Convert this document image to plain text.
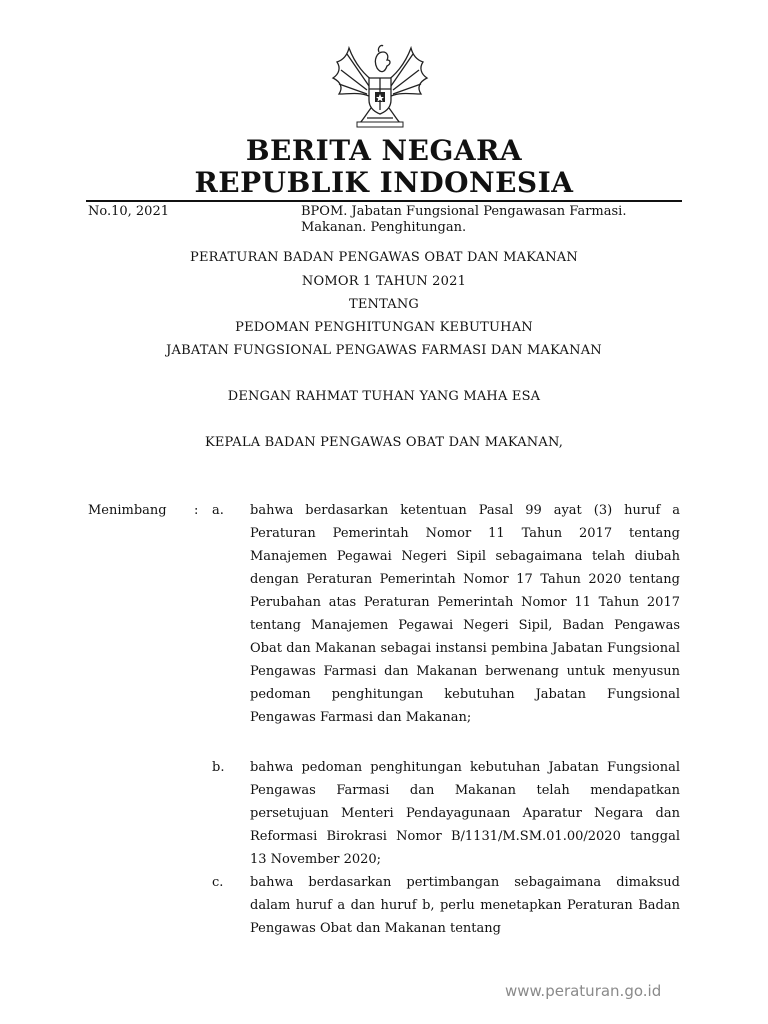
BERITA NEGARA
REPUBLIK INDONESIA
No.10, 2021	BPOM. Jabatan Fungsional Pengawasan Farmasi. Makanan. Penghitungan.
PERATURAN BADAN PENGAWAS OBAT DAN MAKANAN
NOMOR 1 TAHUN 2021
TENTANG
PEDOMAN PENGHITUNGAN KEBUTUHAN
JABATAN FUNGSIONAL PENGAWAS FARMASI DAN MAKANAN
DENGAN RAHMAT TUHAN YANG MAHA ESA
KEPALA BADAN PENGAWAS OBAT DAN MAKANAN,
Menimbang : a. bahwa berdasarkan ketentuan Pasal 99 ayat (3) huruf a Peraturan Pemerintah Nomor 11 Tahun 2017 tentang Manajemen Pegawai Negeri Sipil sebagaimana telah diubah dengan Peraturan Pemerintah Nomor 17 Tahun 2020 tentang Perubahan atas Peraturan Pemerintah Nomor 11 Tahun 2017 tentang Manajemen Pegawai Negeri Sipil, Badan Pengawas Obat dan Makanan sebagai instansi pembina Jabatan Fungsional Pengawas Farmasi dan Makanan berwenang untuk menyusun pedoman penghitungan kebutuhan Jabatan Fungsional Pengawas Farmasi dan Makanan;
b. bahwa pedoman penghitungan kebutuhan Jabatan Fungsional Pengawas Farmasi dan Makanan telah mendapatkan persetujuan Menteri Pendayagunaan Aparatur Negara dan Reformasi Birokrasi Nomor B/1131/M.SM.01.00/2020 tanggal 13 November 2020;
c. bahwa berdasarkan pertimbangan sebagaimana dimaksud dalam huruf a dan huruf b, perlu menetapkan Peraturan Badan Pengawas Obat dan Makanan tentang
www.peraturan.go.id
